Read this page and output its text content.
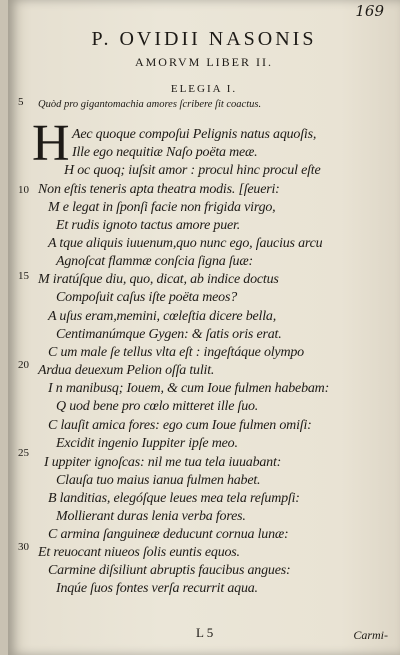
169
P. OVIDII NASONIS
AMORVM LIBER II.
ELEGIA I.
Quòd pro gigantomachia amores ſcribere ſit coactus.
H
5
10
15
20
25
30
Aec quoque compoſui Pelignis natus aquoſis,
Ille ego nequitiæ Naſo poëta meæ.
H oc quoq; iuſsit amor : procul hinc procul eſte
Non eſtis teneris apta theatra modis. [ſeueri:
M e legat in ſponſi facie non frigida virgo,
Et rudis ignoto tactus amore puer.
A tque aliquis iuuenum,quo nunc ego, ſaucius arcu
Agnoſcat flammæ conſcia ſigna ſuæ:
M iratúſque diu, quo, dicat, ab indice doctus
Compoſuit caſus iſte poëta meos?
A uſus eram,memini, cœleſtia dicere bella,
Centimanúmque Gygen: & ſatis oris erat.
C um male ſe tellus vlta eſt : ingeſtáque olympo
Ardua deuexum Pelion oſſa tulit.
I n manibusq; Iouem, & cum Ioue fulmen habebam:
Q uod bene pro cœlo mitteret ille ſuo.
C lauſit amica fores: ego cum Ioue fulmen omiſi:
Excidit ingenio Iuppiter ipſe meo.
I uppiter ignoſcas: nil me tua tela iuuabant:
Clauſa tuo maius ianua fulmen habet.
B landitias, elegóſque leues mea tela reſumpſi:
Mollierant duras lenia verba fores.
C armina ſanguineæ deducunt cornua lunæ:
Et reuocant niueos ſolis euntis equos.
Carmine diſsiliunt abruptis faucibus angues:
Inqúe ſuos fontes verſa recurrit aqua.
L 5	Carmi-
